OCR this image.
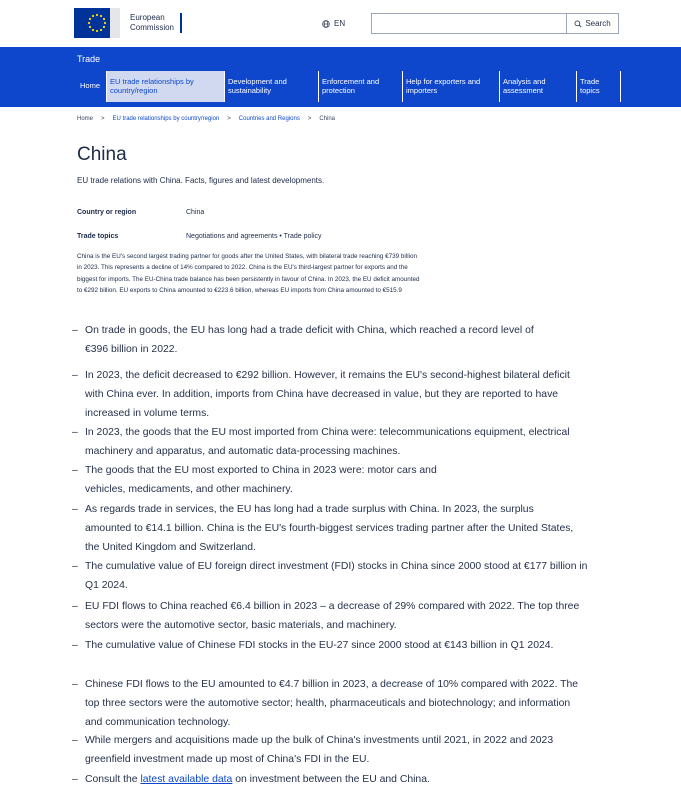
European
Commission	EN	Search
Trade
Home	EU trade relationships by country/region
Development and sustainability
Enforcement and protection
Help for exporters and importers
Analysis and assessment
Trade topics
Home > EU trade relationships by country/region > Countries and Regions > China
China
EU trade relations with China. Facts, figures and latest developments.
Country or region	China
Trade topics	Negotiations and agreements • Trade policy
China is the EU's second largest trading partner for goods after the United States, with bilateral trade reaching €739 billion in 2023. This represents a decline of 14% compared to 2022. China is the EU's third-largest partner for exports and the biggest for imports. The EU-China trade balance has been persistently in favour of China. In 2023, the EU deficit amounted to €292 billion. EU exports to China amounted to €223.6 billion, whereas EU imports from China amounted to €515.9
– On trade in goods, the EU has long had a trade deficit with China, which reached a record level of
€396 billion in 2022.
– In 2023, the deficit decreased to €292 billion. However, it remains the EU's second-highest bilateral deficit with China ever. In addition, imports from China have decreased in value, but they are reported to have increased in volume terms.
– In 2023, the goods that the EU most imported from China were: telecommunications equipment, electrical machinery and apparatus, and automatic data-processing machines.
– The goods that the EU most exported to China in 2023 were: motor cars and vehicles, medicaments, and other machinery.
– As regards trade in services, the EU has long had a trade surplus with China. In 2023, the surplus amounted to €14.1 billion. China is the EU's fourth-biggest services trading partner after the United States, the United Kingdom and Switzerland.
– The cumulative value of EU foreign direct investment (FDI) stocks in China since 2000 stood at €177 billion in Q1 2024.
– EU FDI flows to China reached €6.4 billion in 2023 – a decrease of 29% compared with 2022. The top three sectors were the automotive sector, basic materials, and machinery.
– The cumulative value of Chinese FDI stocks in the EU-27 since 2000 stood at €143 billion in Q1 2024.
– Chinese FDI flows to the EU amounted to €4.7 billion in 2023, a decrease of 10% compared with 2022. The top three sectors were the automotive sector; health, pharmaceuticals and biotechnology; and information and communication technology.
– While mergers and acquisitions made up the bulk of China's investments until 2021, in 2022 and 2023 greenfield investment made up most of China's FDI in the EU.
– Consult the latest available data on investment between the EU and China.
